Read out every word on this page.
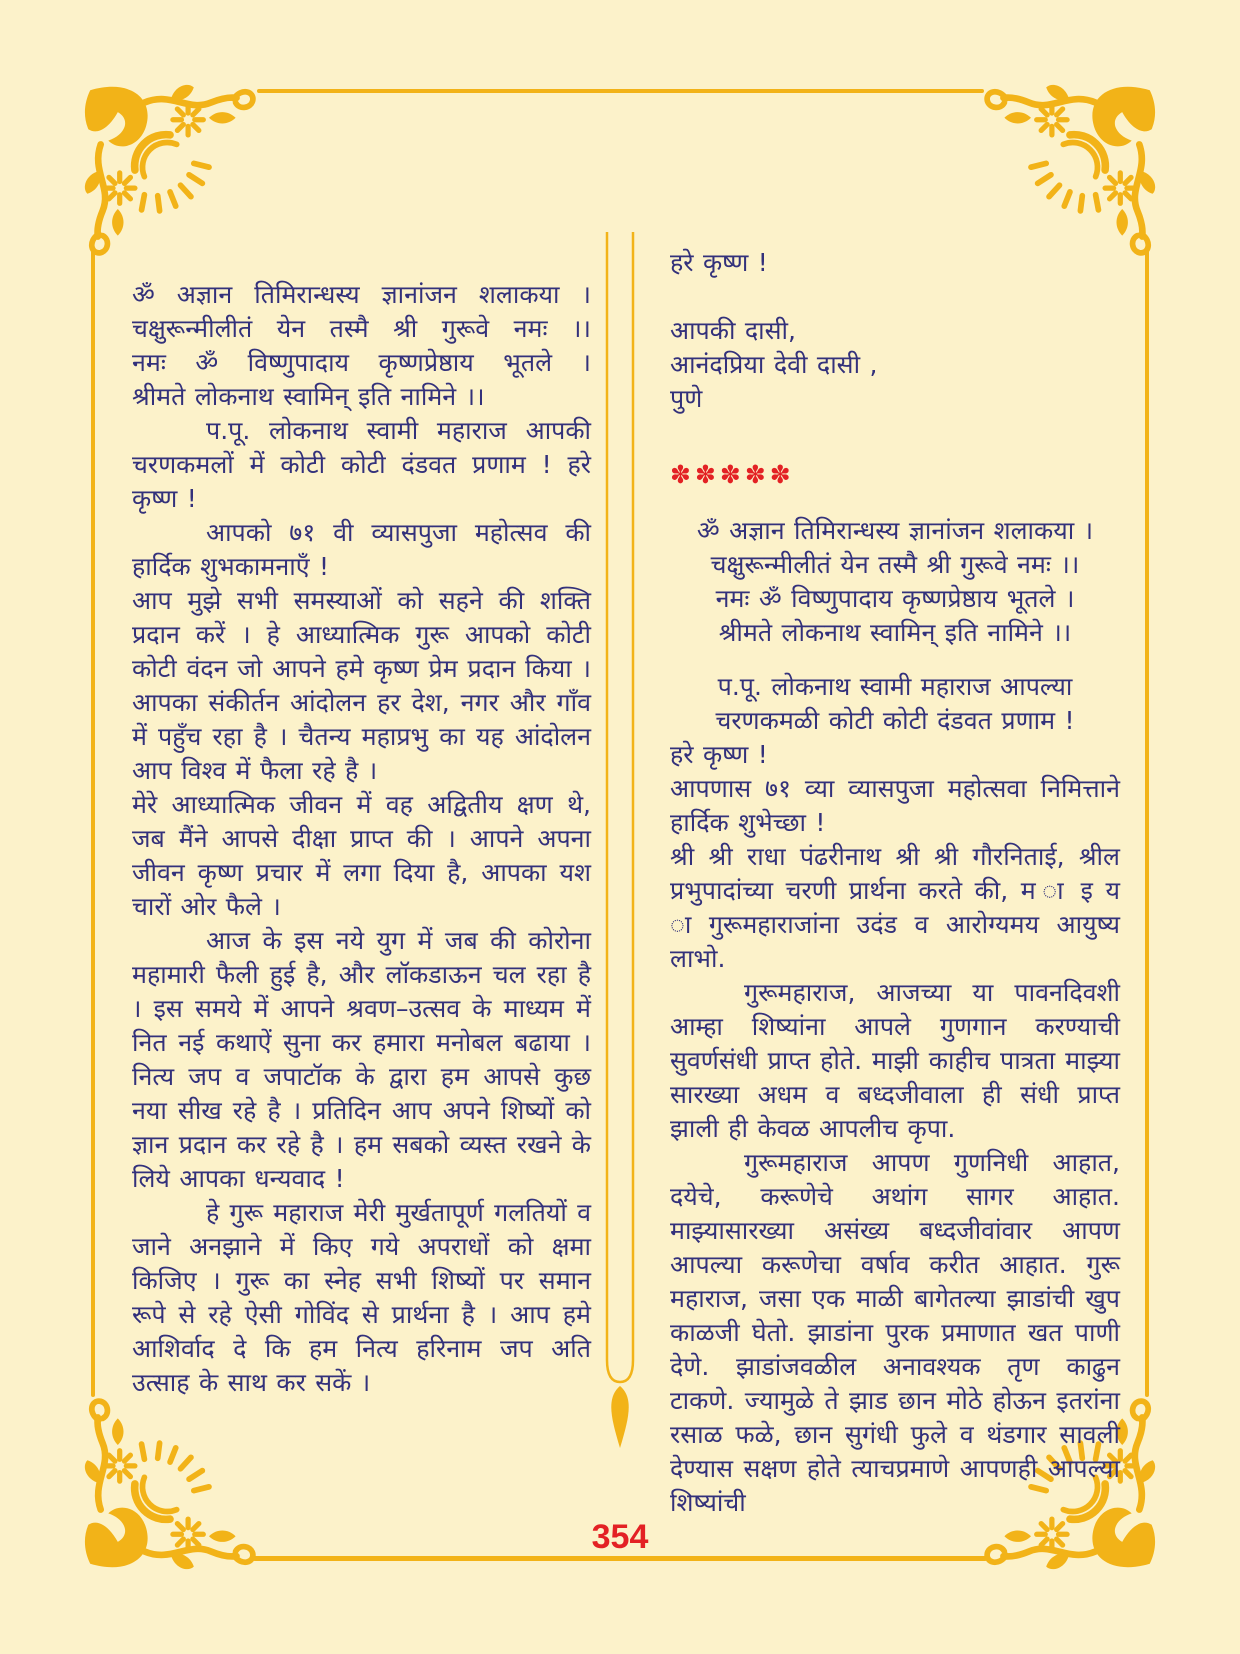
ॐ अज्ञान तिमिरान्धस्य ज्ञानांजन शलाकया ।
चक्षुरून्मीलीतं येन तस्मै श्री गुरूवे नमः ।।
नमः ॐ विष्णुपादाय कृष्णप्रेष्ठाय भूतले ।
श्रीमते लोकनाथ स्वामिन् इति नामिने ।।

प.पू. लोकनाथ स्वामी महाराज आपकी चरणकमलों में कोटी कोटी दंडवत प्रणाम ! हरे कृष्ण !

आपको ७१ वी व्यासपुजा महोत्सव की हार्दिक शुभकामनाएँ !

आप मुझे सभी समस्याओं को सहने की शक्ति प्रदान करें । हे आध्यात्मिक गुरू आपको कोटी कोटी वंदन जो आपने हमे कृष्ण प्रेम प्रदान किया । आपका संकीर्तन आंदोलन हर देश, नगर और गाँव में पहुँच रहा है । चैतन्य महाप्रभु का यह आंदोलन आप विश्व में फैला रहे है ।

मेरे आध्यात्मिक जीवन में वह अद्वितीय क्षण थे, जब मैंने आपसे दीक्षा प्राप्त की । आपने अपना जीवन कृष्ण प्रचार में लगा दिया है, आपका यश चारों ओर फैले ।

आज के इस नये युग में जब की कोरोना महामारी फैली हुई है, और लॉकडाऊन चल रहा है । इस समये में आपने श्रवण–उत्सव के माध्यम में नित नई कथाऐं सुना कर हमारा मनोबल बढाया । नित्य जप व जपाटॉक के द्वारा हम आपसे कुछ नया सीख रहे है । प्रतिदिन आप अपने शिष्यों को ज्ञान प्रदान कर रहे है । हम सबको व्यस्त रखने के लिये आपका धन्यवाद !

हे गुरू महाराज मेरी मुर्खतापूर्ण गलतियों व जाने अनझाने में किए गये अपराधों को क्षमा किजिए । गुरू का स्नेह सभी शिष्यों पर समान रूपे से रहे ऐसी गोविंद से प्रार्थना है । आप हमे आशिर्वाद दे कि हम नित्य हरिनाम जप अति उत्साह के साथ कर सकें ।

हरे कृष्ण !

आपकी दासी,
आनंदप्रिया देवी दासी ,
पुणे
✽✽✽✽✽
ॐ अज्ञान तिमिरान्धस्य ज्ञानांजन शलाकया ।
चक्षुरून्मीलीतं येन तस्मै श्री गुरूवे नमः ।।
नमः ॐ विष्णुपादाय कृष्णप्रेष्ठाय भूतले ।
श्रीमते लोकनाथ स्वामिन् इति नामिने ।।
प.पू. लोकनाथ स्वामी महाराज आपल्या
चरणकमळी कोटी कोटी दंडवत प्रणाम !

हरे कृष्ण !

आपणास ७१ व्या व्यासपुजा महोत्सवा निमित्ताने हार्दिक शुभेच्छा !

श्री श्री राधा पंढरीनाथ श्री श्री गौरनिताई, श्रील प्रभुपादांच्या चरणी प्रार्थना करते की, म ा इ य ा गुरूमहाराजांना उदंड व आरोग्यमय आयुष्य लाभो.

गुरूमहाराज, आजच्या या पावनदिवशी आम्हा शिष्यांना आपले गुणगान करण्याची सुवर्णसंधी प्राप्त होते. माझी काहीच पात्रता माझ्या सारख्या अधम व बध्दजीवाला ही संधी प्राप्त झाली ही केवळ आपलीच कृपा.

गुरूमहाराज आपण गुणनिधी आहात, दयेचे, करूणेचे अथांग सागर आहात. माझ्यासारख्या असंख्य बध्दजीवांवार आपण आपल्या करूणेचा वर्षाव करीत आहात. गुरू महाराज, जसा एक माळी बागेतल्या झाडांची खुप काळजी घेतो. झाडांना पुरक प्रमाणात खत पाणी देणे. झाडांजवळील अनावश्यक तृण काढुन टाकणे. ज्यामुळे ते झाड छान मोठे होऊन इतरांना रसाळ फळे, छान सुगंधी फुले व थंडगार सावली देण्यास सक्षण होते त्याचप्रमाणे आपणही आपल्या शिष्यांची

354
